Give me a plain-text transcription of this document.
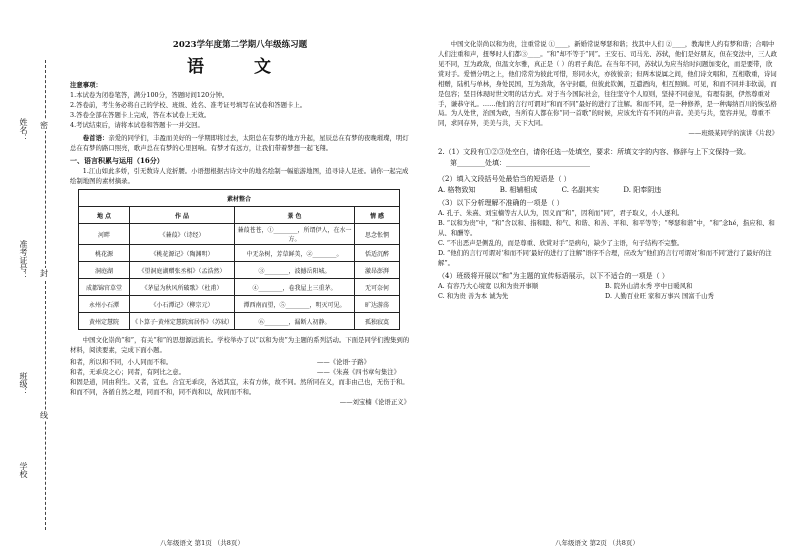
密
封
线
姓名：
准考证号：
班级：
学校
2023学年度第二学期八年级练习题
语 文
注意事项：
1.本试卷为闭卷笔答，满分100分，答题时间120分钟。
2.答卷前，考生务必将自己的学校、班级、姓名、准考证号填写在试卷和答题卡上。
3.答卷全部在答题卡上完成，答在本试卷上无效。
4.考试结束后，请将本试卷和答题卡一并交回。
卷首语：亲爱的同学们，丰盈而美好的一学期即将过去，太阳总在有梦的地方升起，星辰总在有梦的夜晚璀璨，明灯总在有梦的路口照亮，歌声总在有梦的心里回响。有梦才有远方，让我们带着梦想一起飞翔。
一、语言积累与运用（16分）
1.江山如此多娇，引无数诗人竞折腰。小语想根据古诗文中的地名绘制一幅旅游地图，追寻诗人足迹。请你一起完成绘制地图的素材摘录。
素材整合			
地 点	作 品	景 色	情 感
河畔	《蒹葭》（诗经）	蒹葭苍苍，①________，所谓伊人，在水一方。	思念怅惘
桃花源	《桃花源记》（陶渊明）	中无杂树，芳草鲜美，②________。	恬适沉醉
洞庭湖	《望洞庭湖赠张丞相》（孟浩然）	③________，波撼岳阳城。	激昂澎湃
成都锦官草堂	《茅屋为秋风所破歌》（杜甫）	④________，卷我屋上三重茅。	无可奈何
永州小石潭	《小石潭记》（柳宗元）	潭西南而望，⑤________，明灭可见。	旷达游荡
黄州定慧院	《卜算子·黄州定慧院寓居作》（苏轼）	⑥________，漏断人初静。	孤独寂寞
中国文化崇尚“和”，有关“和”的思想源远流长。学校举办了以“以和为贵”为主题的系列活动。下面是同学们搜集到的材料，阅读要素，完成下面小题。
和者，所以和不同，小人同而不和。	——《论语·子路》
和者，无乖戾之心；同者，有阿比之意。	——《朱熹《四书章句集注》
和固是道，同由利生。又者，宜也。合宜无乖戾，各适其宜，未有方体，故不同。然所同在义，而非由己也，无伤于和。和而不同，各循自然之理，同而不和，同不尚和以，故同而不和。
——刘宝楠《论语正义》
八年级语文 第1页 （共8页）
中国文化崇尚以和为贵，注重常说 ①____，新婚常说琴瑟和谐；找其中人们 ②____，教海世人约有梦和谐；合唱中人们注重和声，扭琴时人们都③____。“和”却不等于“同”。王安石、司马光、苏轼，他们是好朋友，但在变法中，三人政见不同，互为政敌，但温文尔雅，真正是（ ）的君子典范。在当年不同，苏轼认为应当给时问题加变化，而是要带，欣赏对手。爱憎分明之上，他们常常为彼此可惜，形同水火，亦彼彼亲；但两本说属之间，他们诗文唱和，互相敬重，诗词相赠，陆机与单林，身处民国，互为劲敌，各守封疆，但彼此钦佩，互遣酒肉，相互照顾。可见，和而不同并非软弱，而是包容；坚目体现时世文明的话方式。对于当今国际社会，往往坚守个人原则，坚持不同意见，有理有据，伊然尊重对手，谦恭守礼。……他们的言行可谓对“和而不同”最好的进行了注解。和而不同，是一种修养，是一种海纳百川的恢弘格局。为人处世，治国为政，当所有人都在你“同一首歌”的时候，应该允许有不同的声音。美美与共，宽容并见，尊重不同，求同存异，美美与共，天下大同。
——班级某同学的演讲《片段》
2.（1）文段有①②③处空白，请你任选一处填空，要求：所填文字的内容、修辞与上下文保持一致。
第________处填：________________________
（2）填入文段括号处最恰当的短语是（ ）
A. 格物致知	B. 相辅相成	C. 名副其实	D. 阳奉阴违
（3）以下分析理解不准确的一项是（ ）
A. 孔子、朱熹、刘宝楠等古人认为，因义而“和”，因利而“同”，君子取义，小人逐利。
B. “以和为贵”中，“和”含以和、指和睦、和气、和谐、和善、平和、和平等等；“琴瑟和谐”中，“和”念hé，指应和、和从、和酬等。
C. “不出恶声是侧乱的，而是尊重、欣赏对手”是病句，缺少了主语，句子结构不完整。
D. “他们的言行可谓对‘和而不同’最好的进行了注解”语序不合理，应改为“他们的言行可谓对‘和而不同’进行了最好的注解”。
（4）班级将开展以“和”为主题的宣传标语展示，以下不适合的一项是（ ）
A. 有容乃大心境宽 以和为贵开事顺	B. 院外山清水秀 亭中日暖风和
C. 和为贵 善为本 诚为先	D. 人勤百业旺 家和万事兴 国富千山秀
八年级语文 第2页 （共8页）
